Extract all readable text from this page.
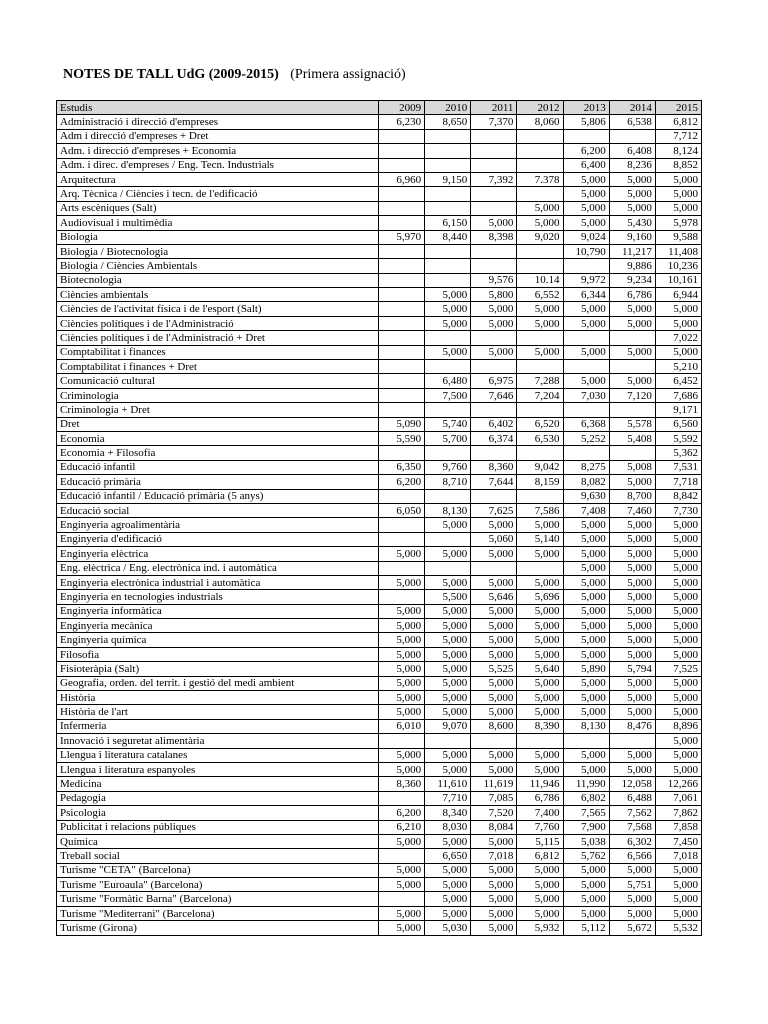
NOTES DE TALL UdG (2009-2015) (Primera assignació)
Estudis	2009	2010	2011	2012	2013	2014	2015
Administració i direcció d'empreses	6,230	8,650	7,370	8,060	5,806	6,538	6,812
Adm i direcció d'empreses + Dret							7,712
Adm. i direcció d'empreses + Economia					6,200	6,408	8,124
Adm. i direc. d'empreses / Eng. Tecn. Industrials					6,400	8,236	8,852
Arquitectura	6,960	9,150	7,392	7.378	5,000	5,000	5,000
Arq. Tècnica / Ciències i tecn. de l'edificació					5,000	5,000	5,000
Arts escèniques (Salt)				5,000	5,000	5,000	5,000
Audiovisual i multimèdia		6,150	5,000	5,000	5,000	5,430	5,978
Biologia	5,970	8,440	8,398	9,020	9,024	9,160	9,588
Biologia / Biotecnologia					10,790	11,217	11,408
Biologia / Ciències Ambientals						9,886	10,236
Biotecnologia			9,576	10.14	9,972	9,234	10,161
Ciències ambientals		5,000	5,800	6,552	6,344	6,786	6,944
Ciències de l'activitat física i de l'esport (Salt)		5,000	5,000	5,000	5,000	5,000	5,000
Ciències polítiques i de l'Administració		5,000	5,000	5,000	5,000	5,000	5,000
Ciències polítiques i de l'Administració + Dret							7,022
Comptabilitat i finances		5,000	5,000	5,000	5,000	5,000	5,000
Comptabilitat i finances + Dret							5,210
Comunicació cultural		6,480	6,975	7,288	5,000	5,000	6,452
Criminologia		7,500	7,646	7,204	7,030	7,120	7,686
Criminologia + Dret							9,171
Dret	5,090	5,740	6,402	6,520	6,368	5,578	6,560
Economia	5,590	5,700	6,374	6,530	5,252	5,408	5,592
Economia + Filosofia							5,362
Educació infantil	6,350	9,760	8,360	9,042	8,275	5,008	7,531
Educació primària	6,200	8,710	7,644	8,159	8,082	5,000	7,718
Educació infantil / Educació primària (5 anys)					9,630	8,700	8,842
Educació social	6,050	8,130	7,625	7,586	7,408	7,460	7,730
Enginyeria agroalimentària		5,000	5,000	5,000	5,000	5,000	5,000
Enginyeria d'edificació			5,060	5,140	5,000	5,000	5,000
Enginyeria elèctrica	5,000	5,000	5,000	5,000	5,000	5,000	5,000
Eng. elèctrica / Eng. electrònica ind. i automàtica					5,000	5,000	5,000
Enginyeria electrònica industrial i automàtica	5,000	5,000	5,000	5,000	5,000	5,000	5,000
Enginyeria en tecnologies industrials		5,500	5,646	5,696	5,000	5,000	5,000
Enginyeria informàtica	5,000	5,000	5,000	5,000	5,000	5,000	5,000
Enginyeria mecànica	5,000	5,000	5,000	5,000	5,000	5,000	5,000
Enginyeria química	5,000	5,000	5,000	5,000	5,000	5,000	5,000
Filosofia	5,000	5,000	5,000	5,000	5,000	5,000	5,000
Fisioteràpia (Salt)	5,000	5,000	5,525	5,640	5,890	5,794	7,525
Geografia, orden. del territ. i gestió del medi ambient	5,000	5,000	5,000	5,000	5,000	5,000	5,000
Història	5,000	5,000	5,000	5,000	5,000	5,000	5,000
Història de l'art	5,000	5,000	5,000	5,000	5,000	5,000	5,000
Infermeria	6,010	9,070	8,600	8,390	8,130	8,476	8,896
Innovació i seguretat alimentària							5,000
Llengua i literatura catalanes	5,000	5,000	5,000	5,000	5,000	5,000	5,000
Llengua i literatura espanyoles	5,000	5,000	5,000	5,000	5,000	5,000	5,000
Medicina	8,360	11,610	11,619	11,946	11,990	12,058	12,266
Pedagogia		7,710	7,085	6,786	6,802	6,488	7,061
Psicologia	6,200	8,340	7,520	7,400	7,565	7,562	7,862
Publicitat i relacions públiques	6,210	8,030	8,084	7,760	7,900	7,568	7,858
Química	5,000	5,000	5,000	5,115	5,038	6,302	7,450
Treball social		6,650	7,018	6,812	5,762	6,566	7,018
Turisme "CETA" (Barcelona)	5,000	5,000	5,000	5,000	5,000	5,000	5,000
Turisme "Euroaula" (Barcelona)	5,000	5,000	5,000	5,000	5,000	5,751	5,000
Turisme "Formàtic Barna" (Barcelona)		5,000	5,000	5,000	5,000	5,000	5,000
Turisme "Mediterrani" (Barcelona)	5,000	5,000	5,000	5,000	5,000	5,000	5,000
Turisme (Girona)	5,000	5,030	5,000	5,932	5,112	5,672	5,532
